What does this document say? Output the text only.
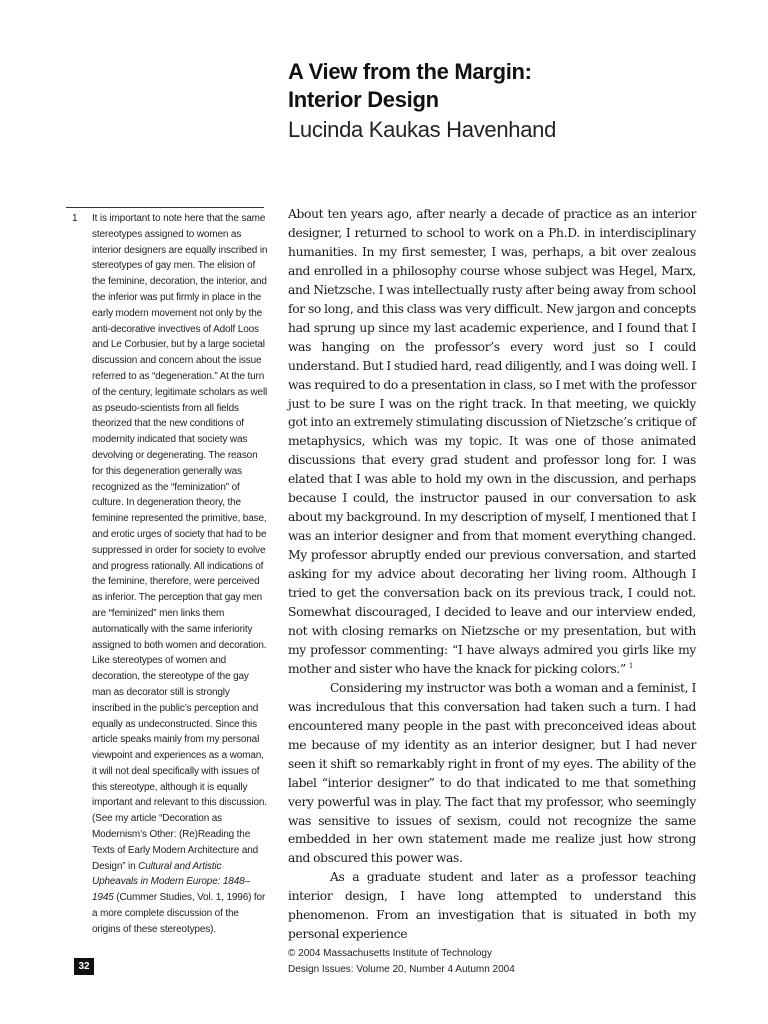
A View from the Margin:
Interior Design
Lucinda Kaukas Havenhand
1	It is important to note here that the same stereotypes assigned to women as interior designers are equally inscribed in stereotypes of gay men. The elision of the feminine, decoration, the interior, and the inferior was put firmly in place in the early modern movement not only by the anti-decorative invectives of Adolf Loos and Le Corbusier, but by a large societal discussion and concern about the issue referred to as “degeneration.” At the turn of the century, legitimate scholars as well as pseudo-scientists from all fields theorized that the new conditions of modernity indicated that society was devolving or degenerating. The reason for this degeneration generally was recognized as the “feminization” of culture. In degeneration theory, the feminine represented the primitive, base, and erotic urges of society that had to be suppressed in order for society to evolve and progress rationally. All indications of the feminine, therefore, were perceived as inferior. The perception that gay men are “feminized” men links them automatically with the same inferiority assigned to both women and decoration. Like stereotypes of women and decoration, the stereotype of the gay man as decorator still is strongly inscribed in the public’s perception and equally as undeconstructed. Since this article speaks mainly from my personal viewpoint and experiences as a woman, it will not deal specifically with issues of this stereotype, although it is equally important and relevant to this discussion. (See my article “Decoration as Modernism’s Other: (Re)Reading the Texts of Early Modern Architecture and Design” in Cultural and Artistic Upheavals in Modern Europe: 1848–1945 (Cummer Studies, Vol. 1, 1996) for a more complete discussion of the origins of these stereotypes).

About ten years ago, after nearly a decade of practice as an interior designer, I returned to school to work on a Ph.D. in interdisciplinary humanities. In my first semester, I was, perhaps, a bit over zealous and enrolled in a philosophy course whose subject was Hegel, Marx, and Nietzsche. I was intellectually rusty after being away from school for so long, and this class was very difficult. New jargon and concepts had sprung up since my last academic experience, and I found that I was hanging on the professor’s every word just so I could understand. But I studied hard, read diligently, and I was doing well. I was required to do a presentation in class, so I met with the professor just to be sure I was on the right track. In that meeting, we quickly got into an extremely stimulating discussion of Nietzsche’s critique of metaphysics, which was my topic. It was one of those animated discussions that every grad student and professor long for. I was elated that I was able to hold my own in the discussion, and perhaps because I could, the instructor paused in our conversation to ask about my background. In my description of myself, I mentioned that I was an interior designer and from that moment everything changed. My professor abruptly ended our previous conversation, and started asking for my advice about decorating her living room. Although I tried to get the conversation back on its previous track, I could not. Somewhat discouraged, I decided to leave and our interview ended, not with closing remarks on Nietzsche or my presentation, but with my professor commenting: “I have always admired you girls like my mother and sister who have the knack for picking colors.” $^1$

Considering my instructor was both a woman and a feminist, I was incredulous that this conversation had taken such a turn. I had encountered many people in the past with preconceived ideas about me because of my identity as an interior designer, but I had never seen it shift so remarkably right in front of my eyes. The ability of the label “interior designer” to do that indicated to me that something very powerful was in play. The fact that my professor, who seemingly was sensitive to issues of sexism, could not recognize the same embedded in her own statement made me realize just how strong and obscured this power was.

As a graduate student and later as a professor teaching interior design, I have long attempted to understand this phenomenon. From an investigation that is situated in both my personal experience

© 2004 Massachusetts Institute of Technology
Design Issues: Volume 20, Number 4 Autumn 2004
32
